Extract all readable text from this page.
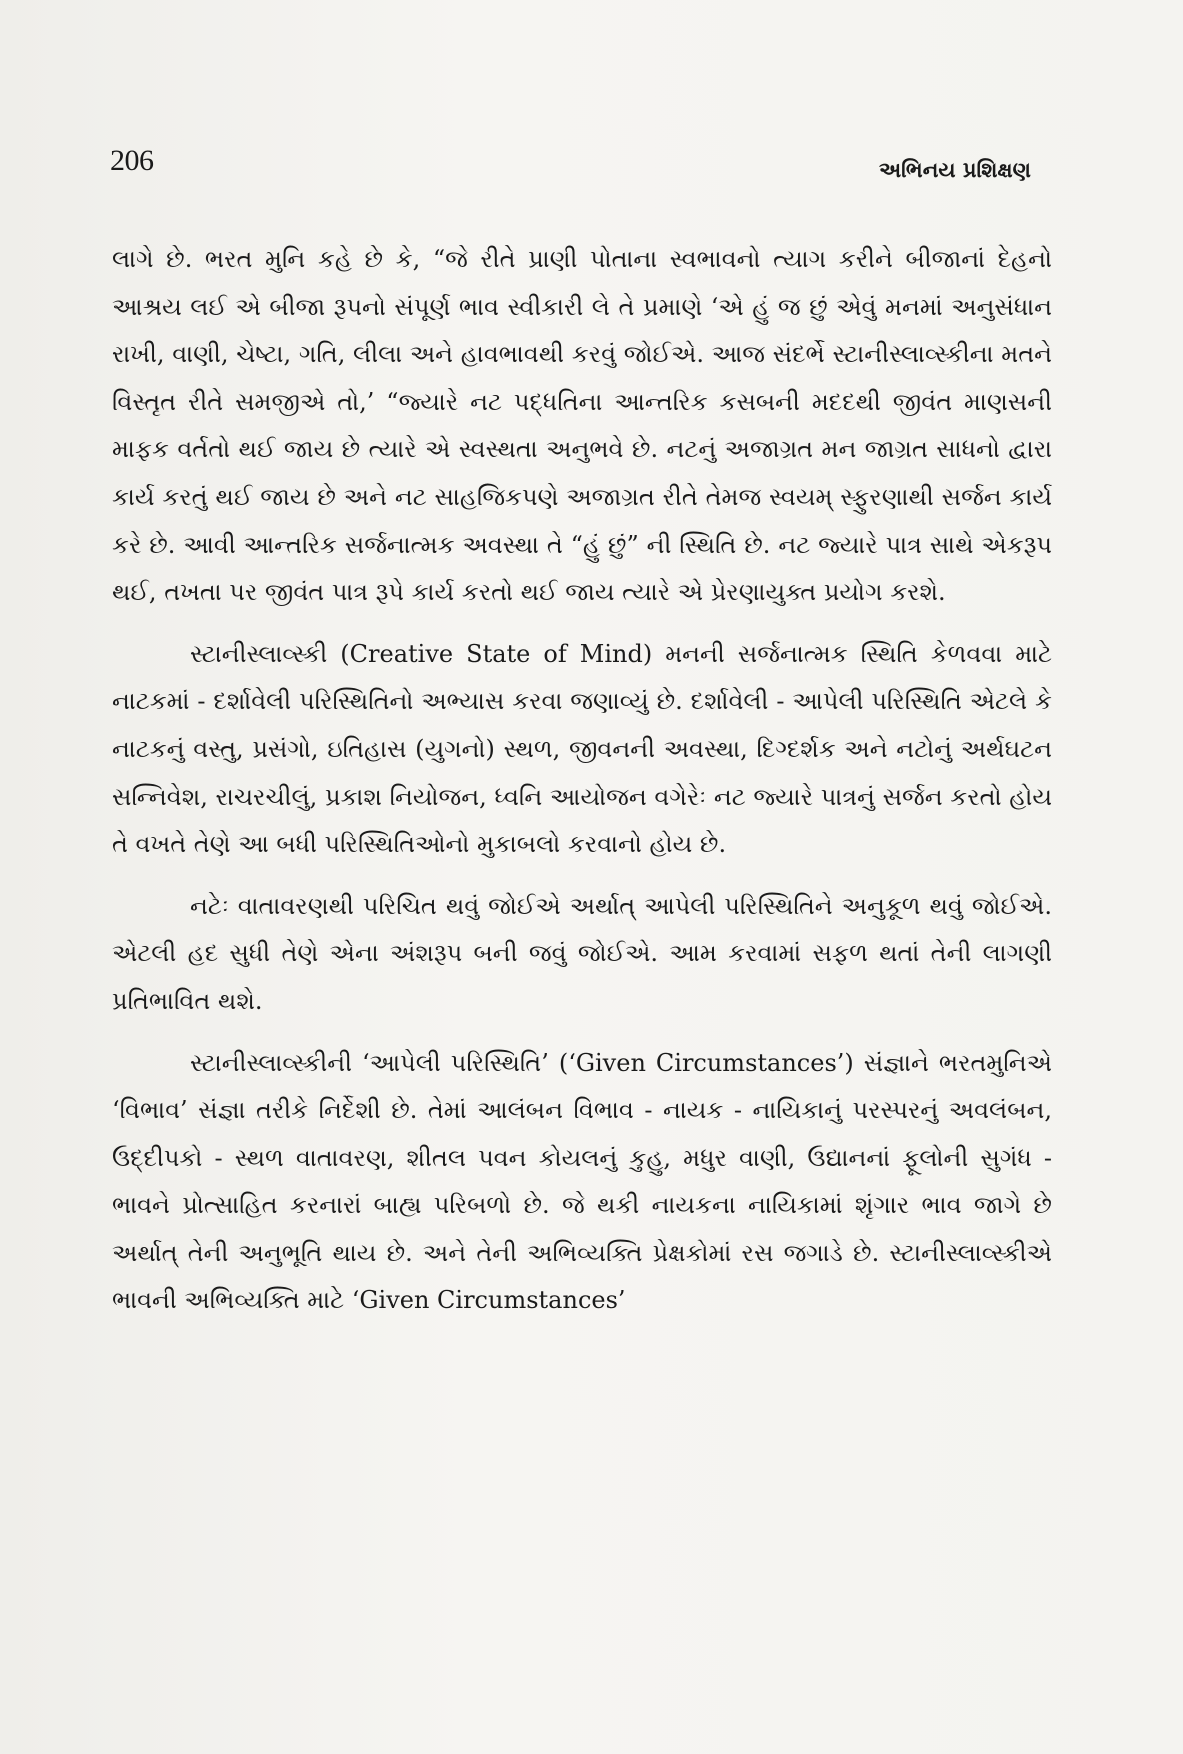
206	અભિનય પ્રશિક્ષણ

લાગે છે. ભરત મુનિ કહે છે કે, “જે રીતે પ્રાણી પોતાના સ્વભાવનો ત્યાગ કરીને બીજાનાં દેહનો આશ્રય લઈ એ બીજા રૂપનો સંપૂર્ણ ભાવ સ્વીકારી લે તે પ્રમાણે ‘એ હું જ છું એવું મનમાં અનુસંધાન રાખી, વાણી, ચેષ્ટા, ગતિ, લીલા અને હાવભાવથી કરવું જોઈએ. આજ સંદર્ભે સ્ટાનીસ્લાવ્સ્કીના મતને વિસ્તૃત રીતે સમજીએ તો,’ “જ્યારે નટ પદ્ધતિના આન્તરિક કસબની મદદથી જીવંત માણસની માફક વર્તતો થઈ જાય છે ત્યારે એ સ્વસ્થતા અનુભવે છે. નટનું અજાગ્રત મન જાગ્રત સાધનો દ્વારા કાર્ય કરતું થઈ જાય છે અને નટ સાહજિકપણે અજાગ્રત રીતે તેમજ સ્વયમ્ સ્ફુરણાથી સર્જન કાર્ય કરે છે. આવી આન્તરિક સર્જનાત્મક અવસ્થા તે “હું છું” ની સ્થિતિ છે. નટ જ્યારે પાત્ર સાથે એકરૂપ થઈ, તખતા પર જીવંત પાત્ર રૂપે કાર્ય કરતો થઈ જાય ત્યારે એ પ્રેરણાયુક્ત પ્રયોગ કરશે.

સ્ટાનીસ્લાવ્સ્કી (Creative State of Mind) મનની સર્જનાત્મક સ્થિતિ કેળવવા માટે નાટકમાં - દર્શાવેલી પરિસ્થિતિનો અભ્યાસ કરવા જણાવ્યું છે. દર્શાવેલી - આપેલી પરિસ્થિતિ એટલે કે નાટકનું વસ્તુ, પ્રસંગો, ઇતિહાસ (યુગનો) સ્થળ, જીવનની અવસ્થા, દિગ્દર્શક અને નટોનું અર્થઘટન સન્નિવેશ, રાચરચીલું, પ્રકાશ નિયોજન, ધ્વનિ આયોજન વગેરેઃ નટ જ્યારે પાત્રનું સર્જન કરતો હોય તે વખતે તેણે આ બધી પરિસ્થિતિઓનો મુકાબલો કરવાનો હોય છે.

નટેઃ વાતાવરણથી પરિચિત થવું જોઈએ અર્થાત્ આપેલી પરિસ્થિતિને અનુકૂળ થવું જોઈએ. એટલી હદ સુધી તેણે એના અંશરૂપ બની જવું જોઈએ. આમ કરવામાં સફળ થતાં તેની લાગણી પ્રતિભાવિત થશે.

સ્ટાનીસ્લાવ્સ્કીની ‘આપેલી પરિસ્થિતિ’ (‘Given Circumstances’) સંજ્ઞાને ભરતમુનિએ ‘વિભાવ’ સંજ્ઞા તરીકે નિર્દેશી છે. તેમાં આલંબન વિભાવ - નાયક - નાયિકાનું પરસ્પરનું અવલંબન, ઉદ્દીપકો - સ્થળ વાતાવરણ, શીતલ પવન કોયલનું કુહુ, મધુર વાણી, ઉદ્યાનનાં ફૂલોની સુગંધ - ભાવને પ્રોત્સાહિત કરનારાં બાહ્ય પરિબળો છે. જે થકી નાયકના નાયિકામાં શૃંગાર ભાવ જાગે છે અર્થાત્ તેની અનુભૂતિ થાય છે. અને તેની અભિવ્યક્તિ પ્રેક્ષકોમાં રસ જગાડે છે. સ્ટાનીસ્લાવ્સ્કીએ ભાવની અભિવ્યક્તિ માટે ‘Given Circumstances’
